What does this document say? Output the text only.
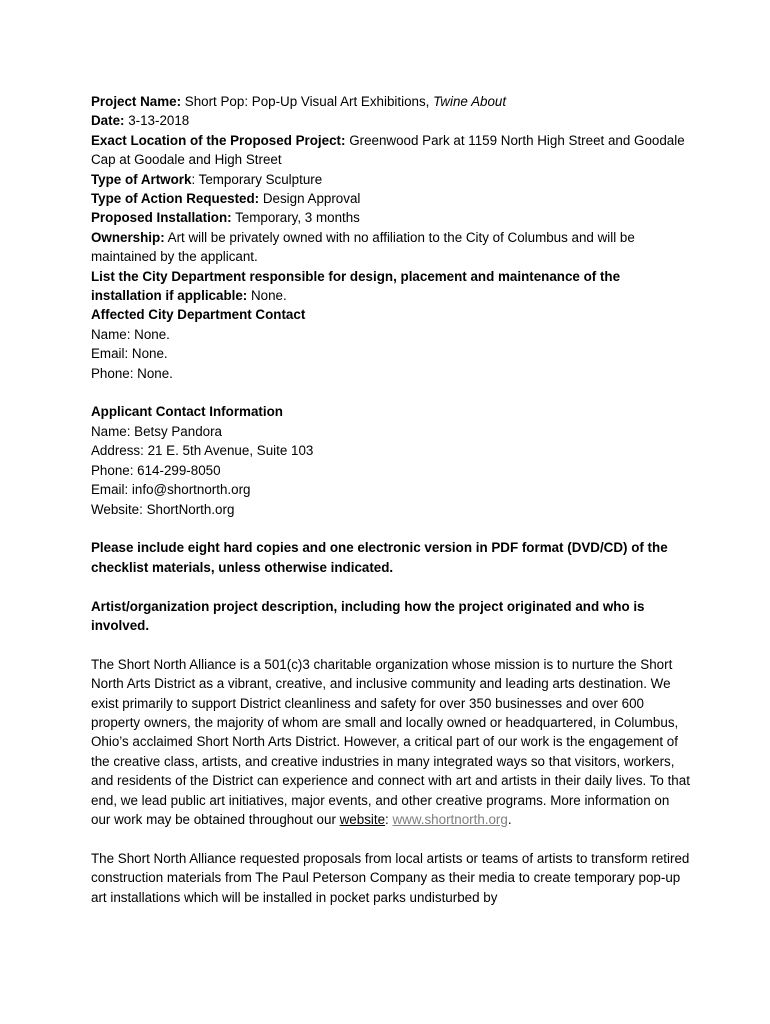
Project Name: Short Pop: Pop-Up Visual Art Exhibitions, Twine About

Date: 3-13-2018

Exact Location of the Proposed Project: Greenwood Park at 1159 North High Street and Goodale Cap at Goodale and High Street

Type of Artwork: Temporary Sculpture

Type of Action Requested: Design Approval

Proposed Installation: Temporary, 3 months

Ownership: Art will be privately owned with no affiliation to the City of Columbus and will be maintained by the applicant.

List the City Department responsible for design, placement and maintenance of the installation if applicable: None.

Affected City Department Contact

Name: None.

Email: None.

Phone: None.

Applicant Contact Information

Name: Betsy Pandora

Address: 21 E. 5th Avenue, Suite 103

Phone: 614-299-8050

Email: info@shortnorth.org

Website: ShortNorth.org

Please include eight hard copies and one electronic version in PDF format (DVD/CD) of the checklist materials, unless otherwise indicated.

Artist/organization project description, including how the project originated and who is involved.

The Short North Alliance is a 501(c)3 charitable organization whose mission is to nurture the Short North Arts District as a vibrant, creative, and inclusive community and leading arts destination. We exist primarily to support District cleanliness and safety for over 350 businesses and over 600 property owners, the majority of whom are small and locally owned or headquartered, in Columbus, Ohio’s acclaimed Short North Arts District. However, a critical part of our work is the engagement of the creative class, artists, and creative industries in many integrated ways so that visitors, workers, and residents of the District can experience and connect with art and artists in their daily lives. To that end, we lead public art initiatives, major events, and other creative programs. More information on our work may be obtained throughout our website: www.shortnorth.org.

The Short North Alliance requested proposals from local artists or teams of artists to transform retired construction materials from The Paul Peterson Company as their media to create temporary pop-up art installations which will be installed in pocket parks undisturbed by
